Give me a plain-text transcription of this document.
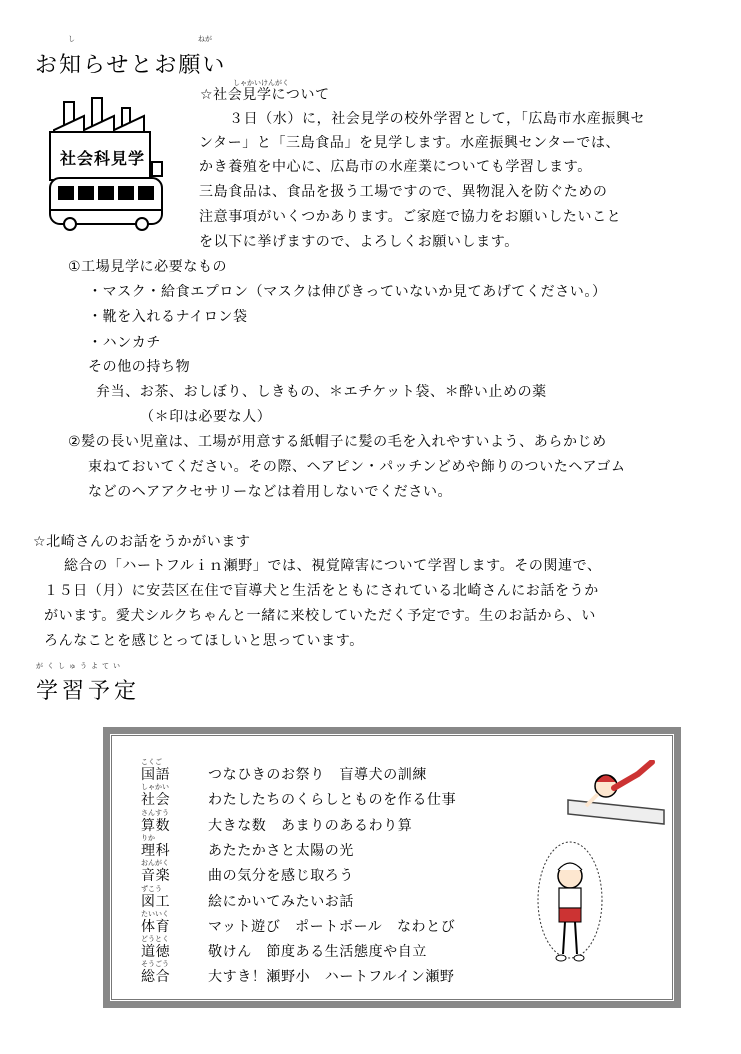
し	ねが
お知らせとお願い
社会科見学
しゃかいけんがく
☆社会見学について
３日（水）に，社会見学の校外学習として，「広島市水産振興セ
ンター」と「三島食品」を見学します。水産振興センターでは、
かき養殖を中心に、広島市の水産業についても学習します。
三島食品は、食品を扱う工場ですので、異物混入を防ぐための
注意事項がいくつかあります。ご家庭で協力をお願いしたいこと
を以下に挙げますので、よろしくお願いします。
①工場見学に必要なもの
・マスク・給食エプロン（マスクは伸びきっていないか見てあげてください。）
・靴を入れるナイロン袋
・ハンカチ
その他の持ち物
弁当、お茶、おしぼり、しきもの、＊エチケット袋、＊酔い止めの薬
（＊印は必要な人）
②髪の長い児童は、工場が用意する紙帽子に髪の毛を入れやすいよう、あらかじめ
束ねておいてください。その際、ヘアピン・パッチンどめや飾りのついたヘアゴム
などのヘアアクセサリーなどは着用しないでください。
☆北崎さんのお話をうかがいます
総合の「ハートフルｉｎ瀬野」では、視覚障害について学習します。その関連で、
１５日（月）に安芸区在住で盲導犬と生活をともにされている北崎さんにお話をうか
がいます。愛犬シルクちゃんと一緒に来校していただく予定です。生のお話から、い
ろんなことを感じとってほしいと思っています。
がくしゅうよてい
学習予定
こくご
国語	つなひきのお祭り　盲導犬の訓練
しゃかい
社会	わたしたちのくらしとものを作る仕事
さんすう
算数	大きな数　あまりのあるわり算
りか
理科	あたたかさと太陽の光
おんがく
音楽	曲の気分を感じ取ろう
ずこう
図工	絵にかいてみたいお話
たいいく
体育	マット遊び　ポートボール　なわとび
どうとく
道徳	敬けん　節度ある生活態度や自立
そうごう
総合	大すき！瀬野小　ハートフルイン瀬野
